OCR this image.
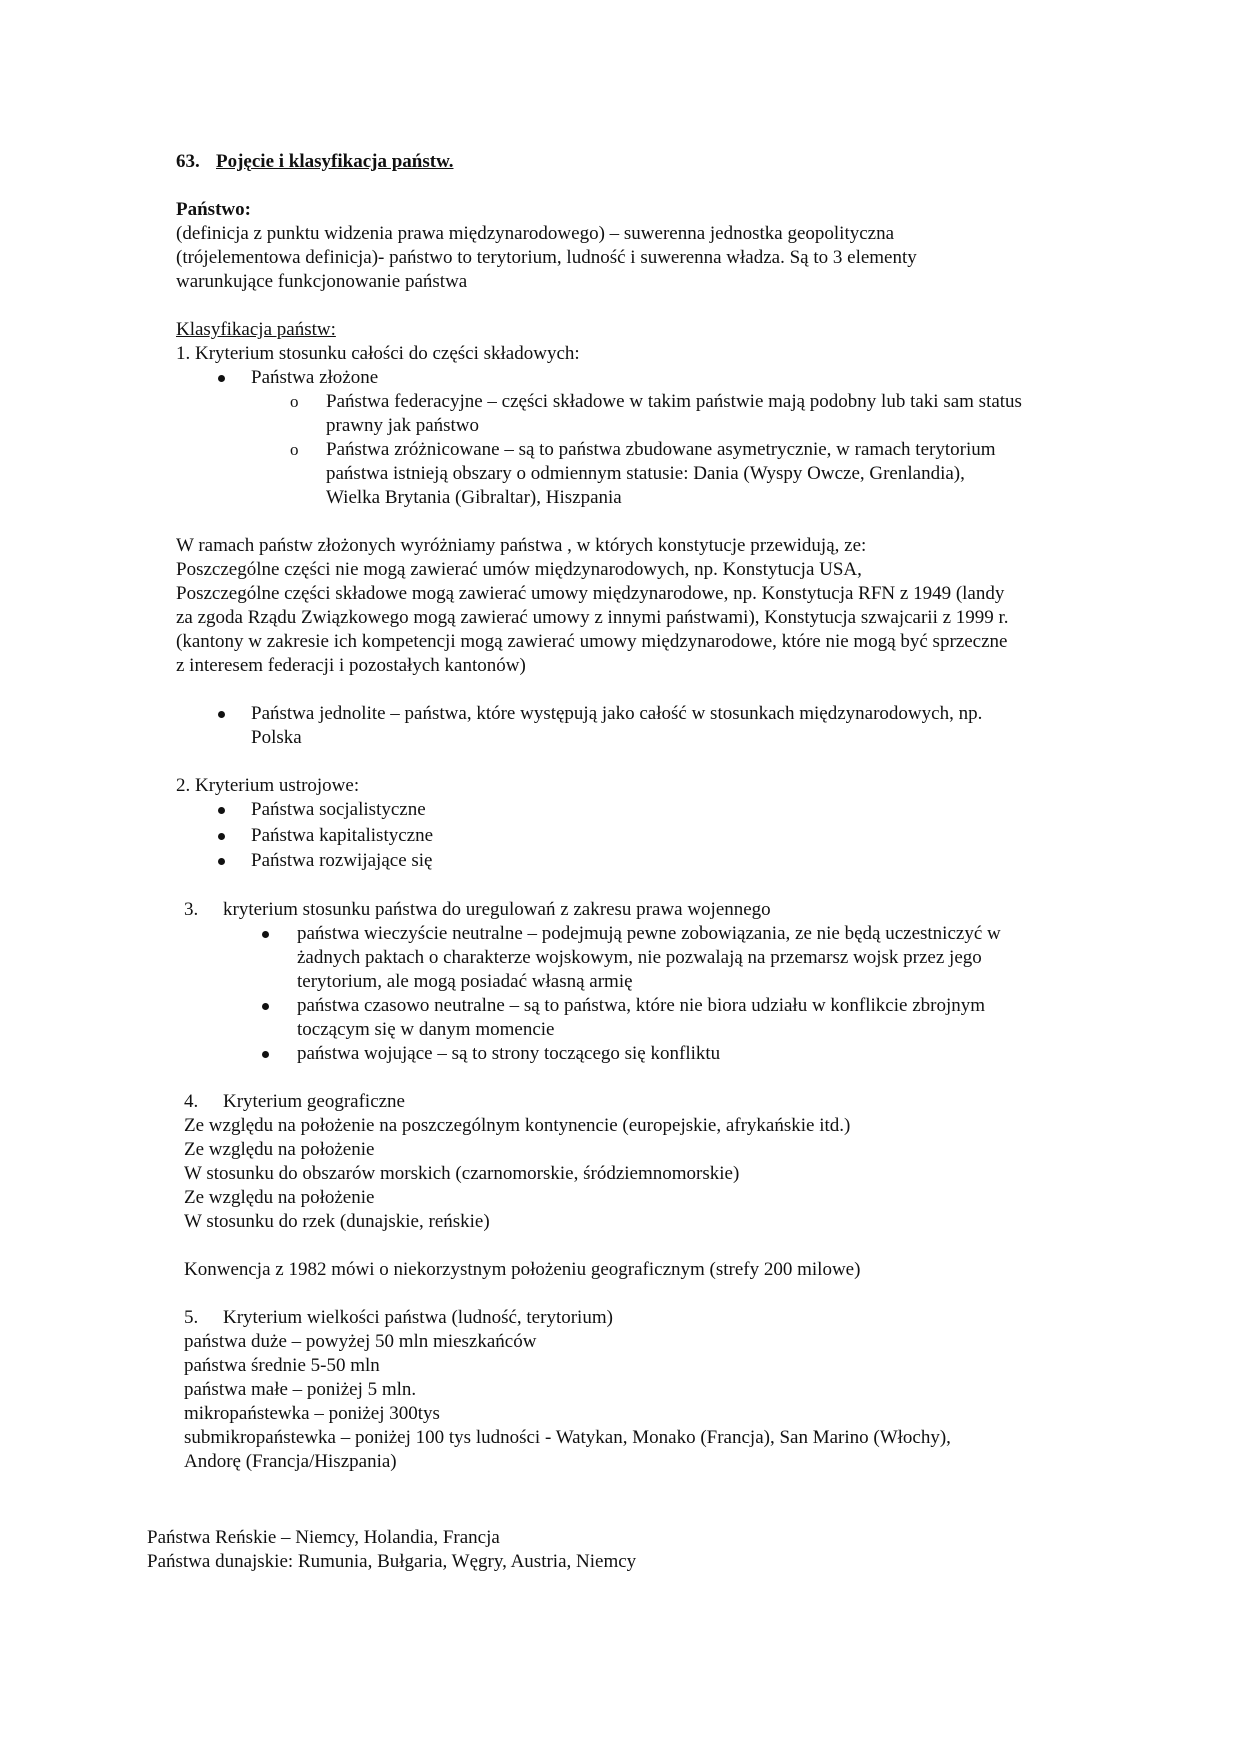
63. Pojęcie i klasyfikacja państw.
Państwo:
(definicja z punktu widzenia prawa międzynarodowego) – suwerenna jednostka geopolityczna
(trójelementowa definicja)- państwo to terytorium, ludność i suwerenna władza. Są to 3 elementy
warunkujące funkcjonowanie państwa
Klasyfikacja państw:
1. Kryterium stosunku całości do części składowych:
Państwa złożone
o Państwa federacyjne – części składowe w takim państwie mają podobny lub taki sam status
prawny jak państwo
o Państwa zróżnicowane – są to państwa zbudowane asymetrycznie, w ramach terytorium
państwa istnieją obszary o odmiennym statusie: Dania (Wyspy Owcze, Grenlandia),
Wielka Brytania (Gibraltar), Hiszpania
W ramach państw złożonych wyróżniamy państwa , w których konstytucje przewidują, ze:
Poszczególne części nie mogą zawierać umów międzynarodowych, np. Konstytucja USA,
Poszczególne części składowe mogą zawierać umowy międzynarodowe, np. Konstytucja RFN z 1949 (landy
za zgoda Rządu Związkowego mogą zawierać umowy z innymi państwami), Konstytucja szwajcarii z 1999 r.
(kantony w zakresie ich kompetencji mogą zawierać umowy międzynarodowe, które nie mogą być sprzeczne
z interesem federacji i pozostałych kantonów)
Państwa jednolite – państwa, które występują jako całość w stosunkach międzynarodowych, np.
Polska
2. Kryterium ustrojowe:
Państwa socjalistyczne
Państwa kapitalistyczne
Państwa rozwijające się
3. kryterium stosunku państwa do uregulowań z zakresu prawa wojennego
państwa wieczyście neutralne – podejmują pewne zobowiązania, ze nie będą uczestniczyć w
żadnych paktach o charakterze wojskowym, nie pozwalają na przemarsz wojsk przez jego
terytorium, ale mogą posiadać własną armię
państwa czasowo neutralne – są to państwa, które nie biora udziału w konflikcie zbrojnym
toczącym się w danym momencie
państwa wojujące – są to strony toczącego się konfliktu
4. Kryterium geograficzne
Ze względu na położenie na poszczególnym kontynencie (europejskie, afrykańskie itd.)
Ze względu na położenie
W stosunku do obszarów morskich (czarnomorskie, śródziemnomorskie)
Ze względu na położenie
W stosunku do rzek (dunajskie, reńskie)
Konwencja z 1982 mówi o niekorzystnym położeniu geograficznym (strefy 200 milowe)
5. Kryterium wielkości państwa (ludność, terytorium)
państwa duże – powyżej 50 mln mieszkańców
państwa średnie 5-50 mln
państwa małe – poniżej 5 mln.
mikropaństewka – poniżej 300tys
submikropaństewka – poniżej 100 tys ludności - Watykan, Monako (Francja), San Marino (Włochy),
Andorę (Francja/Hiszpania)
Państwa Reńskie – Niemcy, Holandia, Francja
Państwa dunajskie: Rumunia, Bułgaria, Węgry, Austria, Niemcy
